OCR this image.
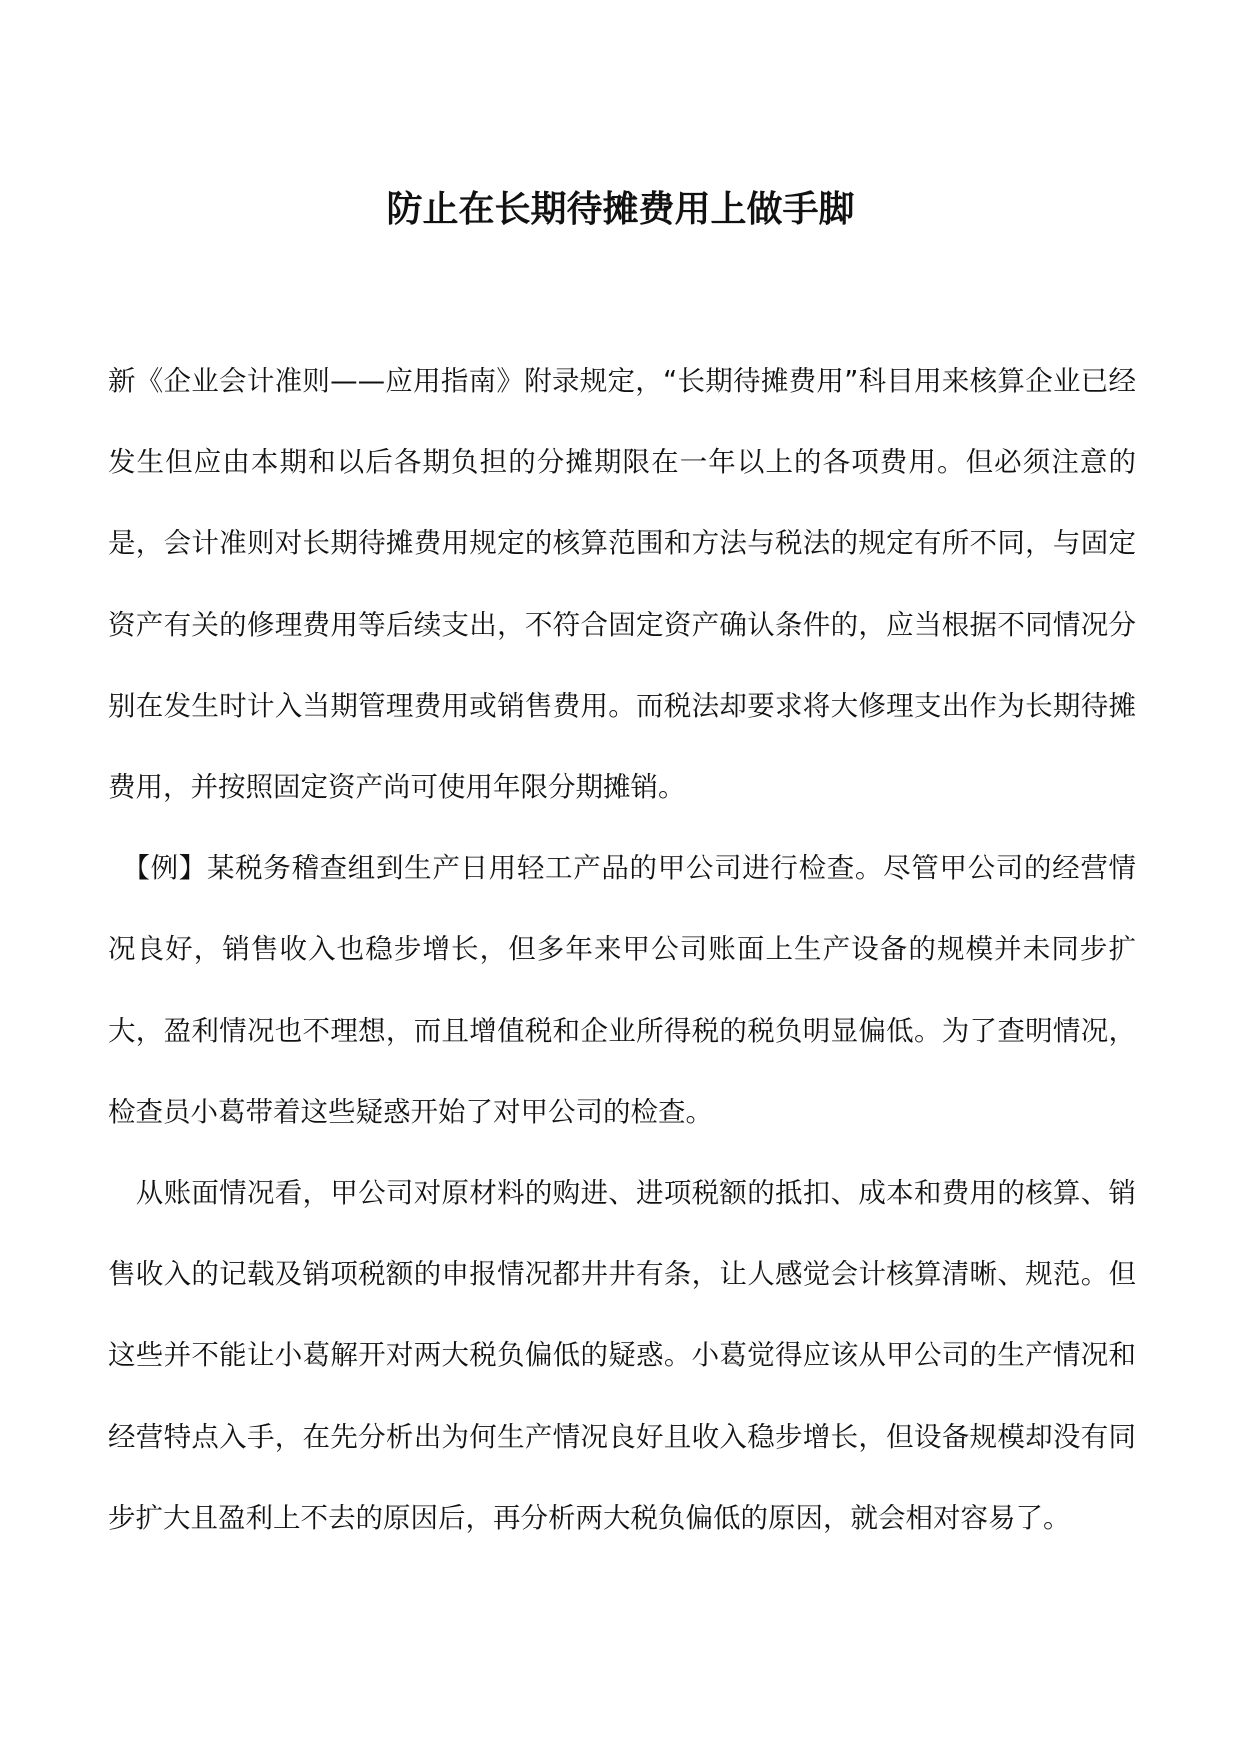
防止在长期待摊费用上做手脚

新《企业会计准则——应用指南》附录规定，“长期待摊费用”科目用来核算企业已经发生但应由本期和以后各期负担的分摊期限在一年以上的各项费用。但必须注意的是，会计准则对长期待摊费用规定的核算范围和方法与税法的规定有所不同，与固定资产有关的修理费用等后续支出，不符合固定资产确认条件的，应当根据不同情况分别在发生时计入当期管理费用或销售费用。而税法却要求将大修理支出作为长期待摊费用，并按照固定资产尚可使用年限分期摊销。

　【例】某税务稽查组到生产日用轻工产品的甲公司进行检查。尽管甲公司的经营情况良好，销售收入也稳步增长，但多年来甲公司账面上生产设备的规模并未同步扩大，盈利情况也不理想，而且增值税和企业所得税的税负明显偏低。为了查明情况，检查员小葛带着这些疑惑开始了对甲公司的检查。

　从账面情况看，甲公司对原材料的购进、进项税额的抵扣、成本和费用的核算、销售收入的记载及销项税额的申报情况都井井有条，让人感觉会计核算清晰、规范。但这些并不能让小葛解开对两大税负偏低的疑惑。小葛觉得应该从甲公司的生产情况和经营特点入手，在先分析出为何生产情况良好且收入稳步增长，但设备规模却没有同步扩大且盈利上不去的原因后，再分析两大税负偏低的原因，就会相对容易了。
